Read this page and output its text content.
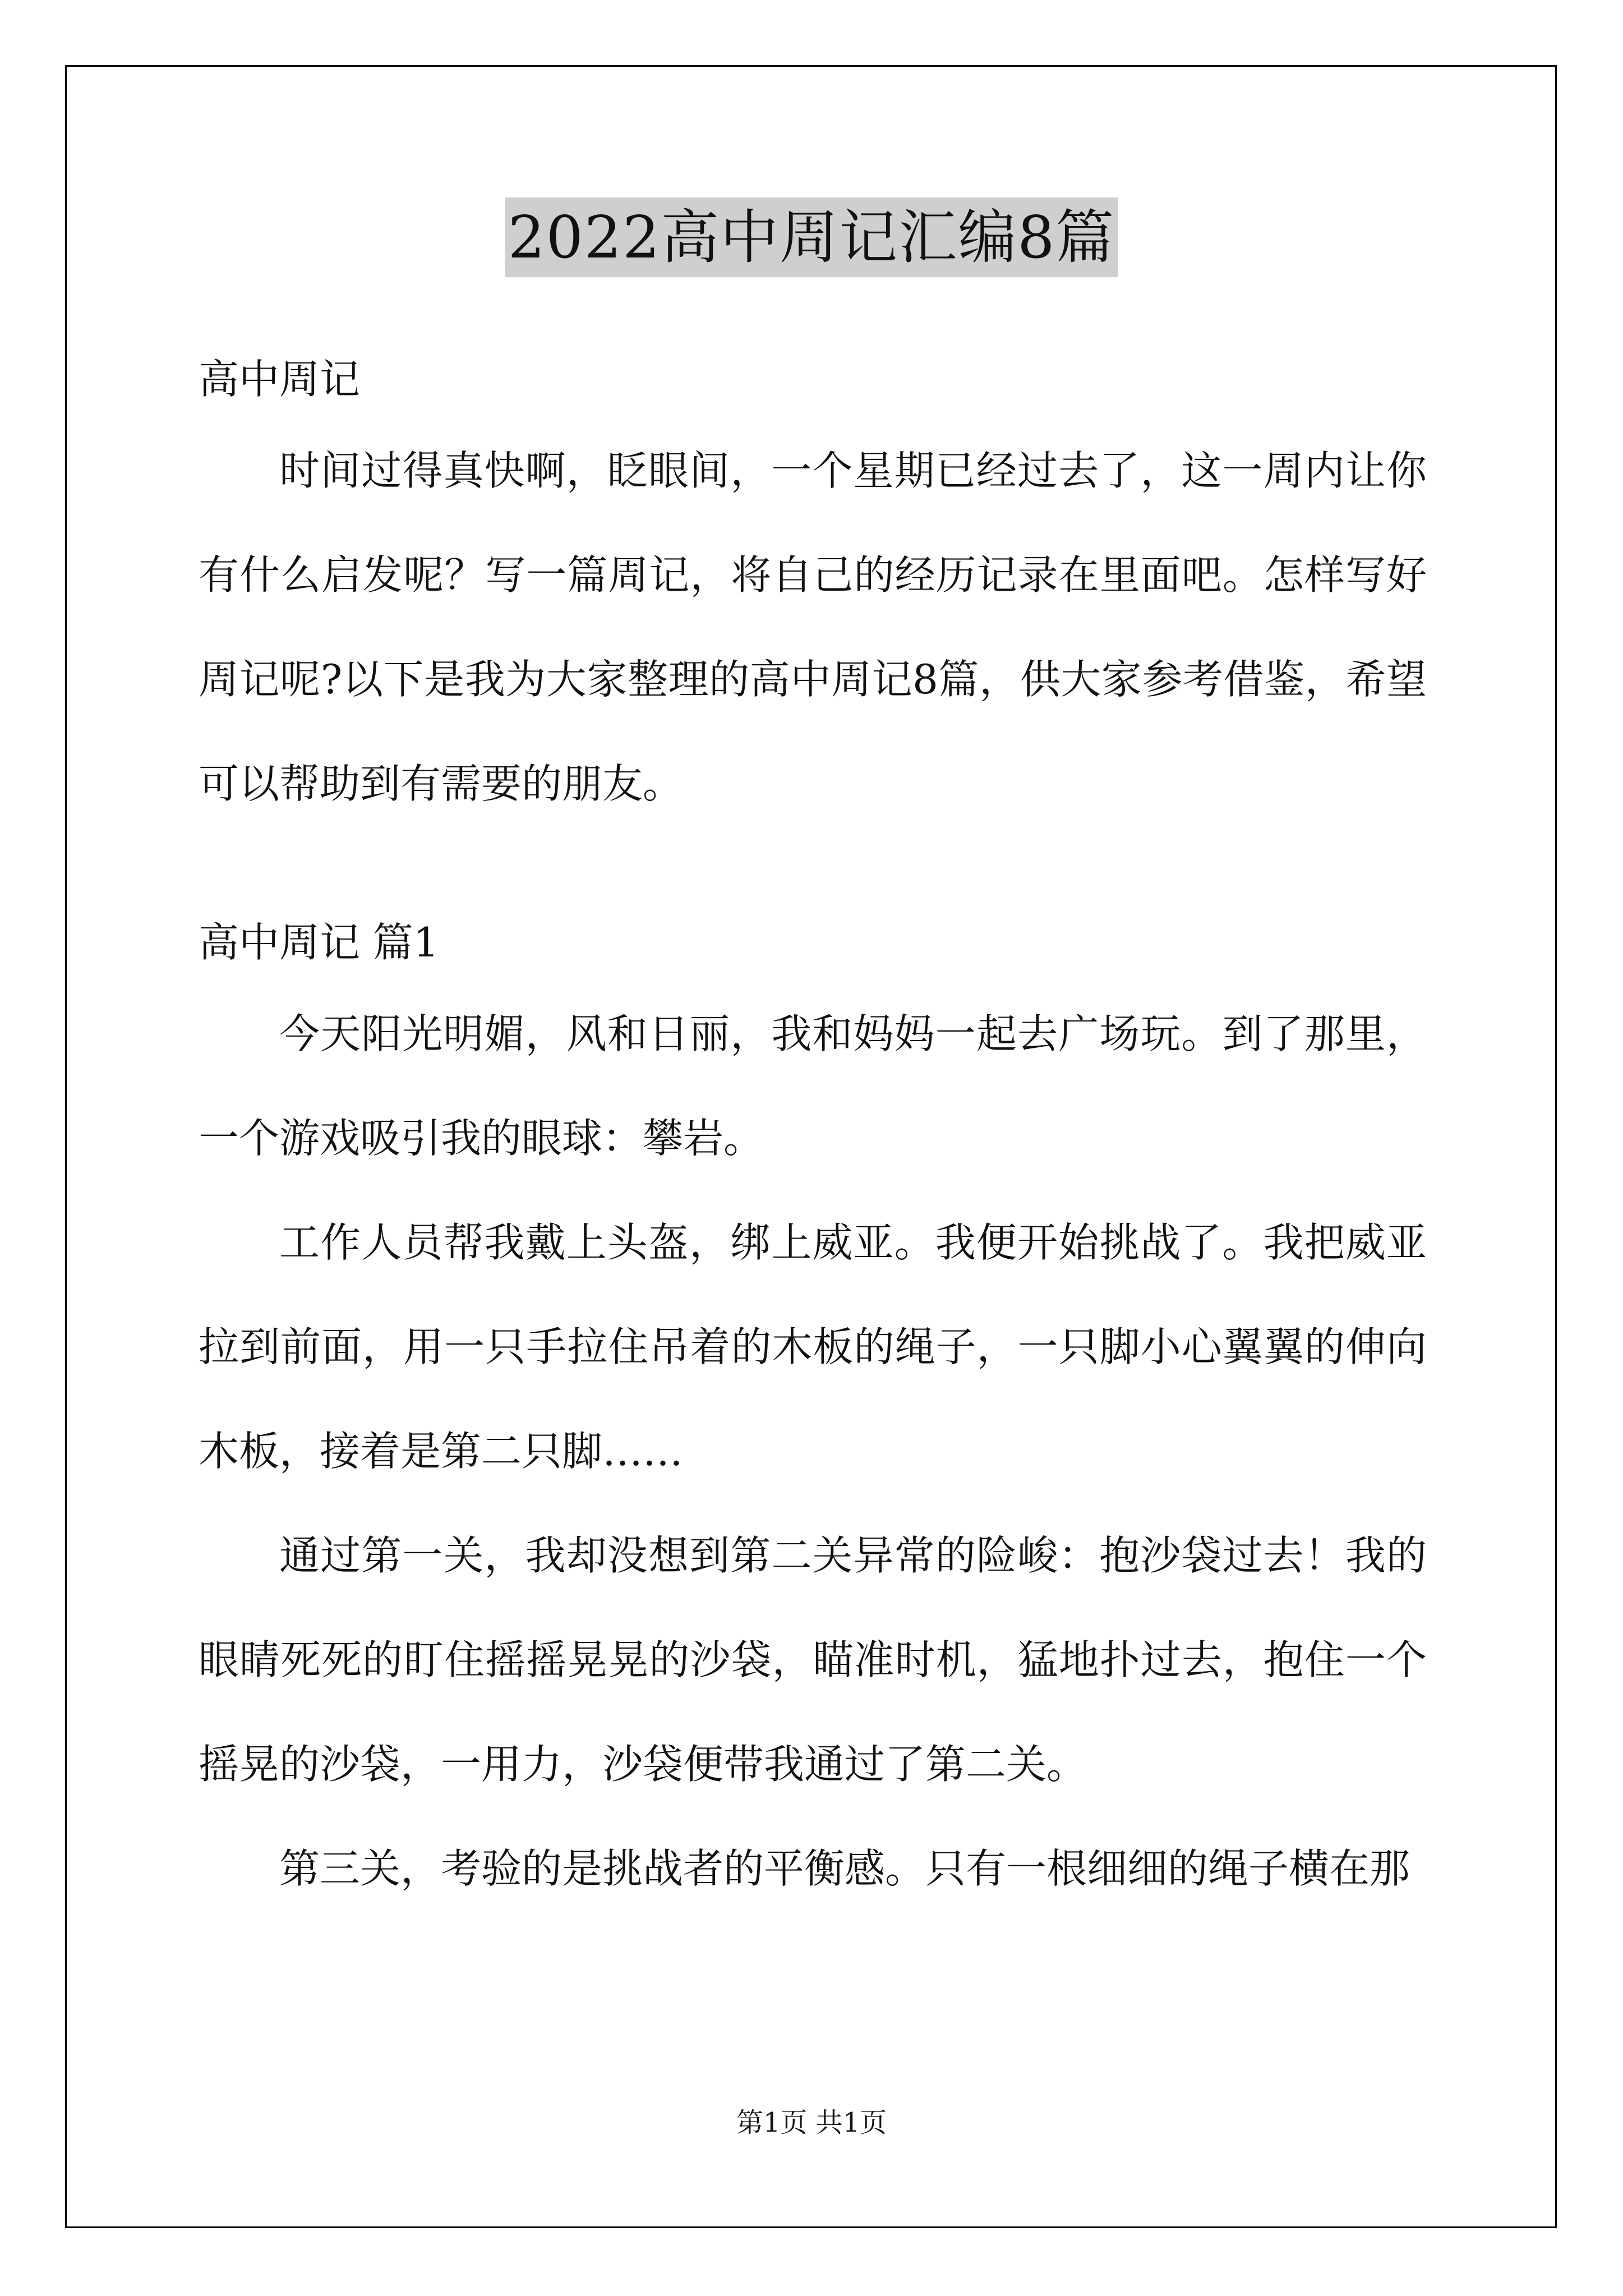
2022高中周记汇编8篇

高中周记

时间过得真快啊，眨眼间，一个星期已经过去了，这一周内让你有什么启发呢？写一篇周记，将自己的经历记录在里面吧。怎样写好周记呢?以下是我为大家整理的高中周记8篇，供大家参考借鉴，希望可以帮助到有需要的朋友。

高中周记 篇1

今天阳光明媚，风和日丽，我和妈妈一起去广场玩。到了那里，一个游戏吸引我的眼球：攀岩。

工作人员帮我戴上头盔，绑上威亚。我便开始挑战了。我把威亚拉到前面，用一只手拉住吊着的木板的绳子，一只脚小心翼翼的伸向木板，接着是第二只脚……

通过第一关，我却没想到第二关异常的险峻：抱沙袋过去！我的眼睛死死的盯住摇摇晃晃的沙袋，瞄准时机，猛地扑过去，抱住一个摇晃的沙袋，一用力，沙袋便带我通过了第二关。

第三关，考验的是挑战者的平衡感。只有一根细细的绳子横在那

第1页 共1页
